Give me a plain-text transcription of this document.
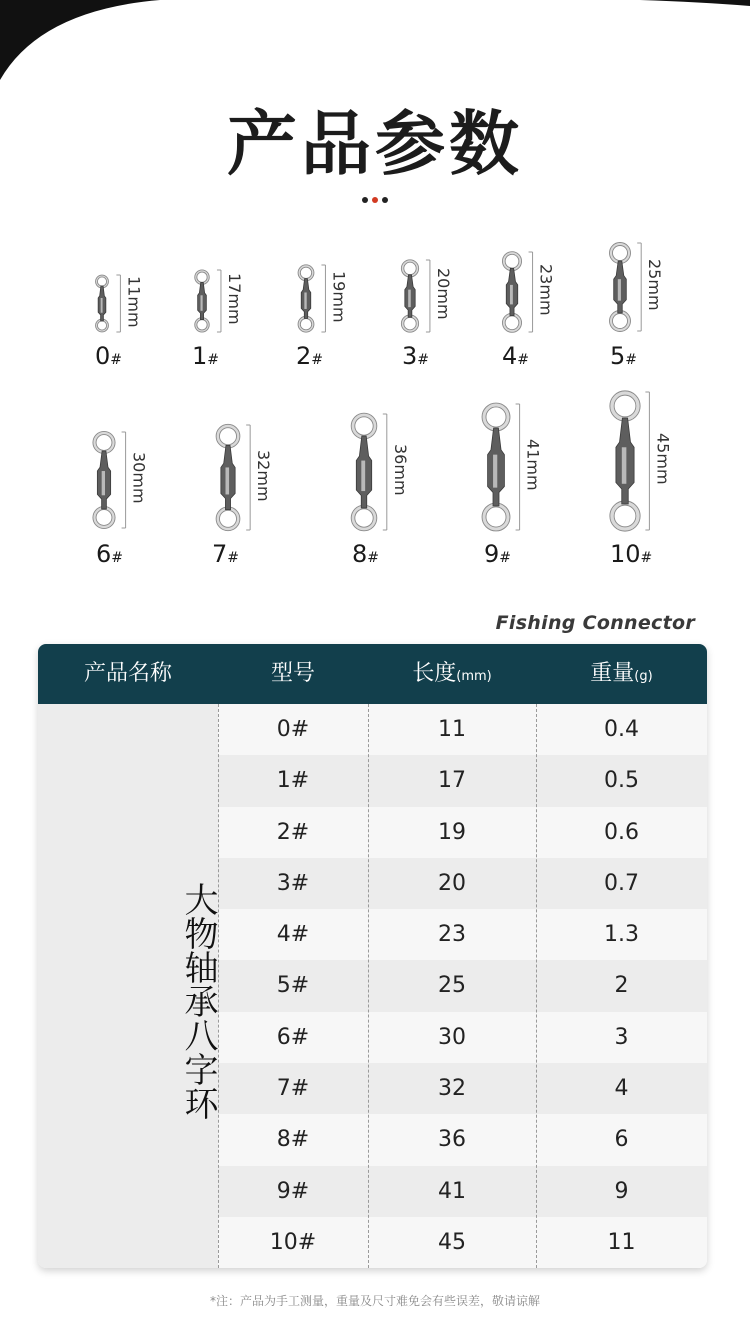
产品参数
11mm
0#
17mm
1#
19mm
2#
20mm
3#
23mm
4#
25mm
5#
30mm
6#
32mm
7#
36mm
8#
41mm
9#
45mm
10#
Fishing Connector
产品名称	型号	长度(mm)	重量(g)
大物轴承八字环
0#	11	0.4
1#	17	0.5
2#	19	0.6
3#	20	0.7
4#	23	1.3
5#	25	2
6#	30	3
7#	32	4
8#	36	6
9#	41	9
10#	45	11
*注：产品为手工测量，重量及尺寸难免会有些误差，敬请谅解
